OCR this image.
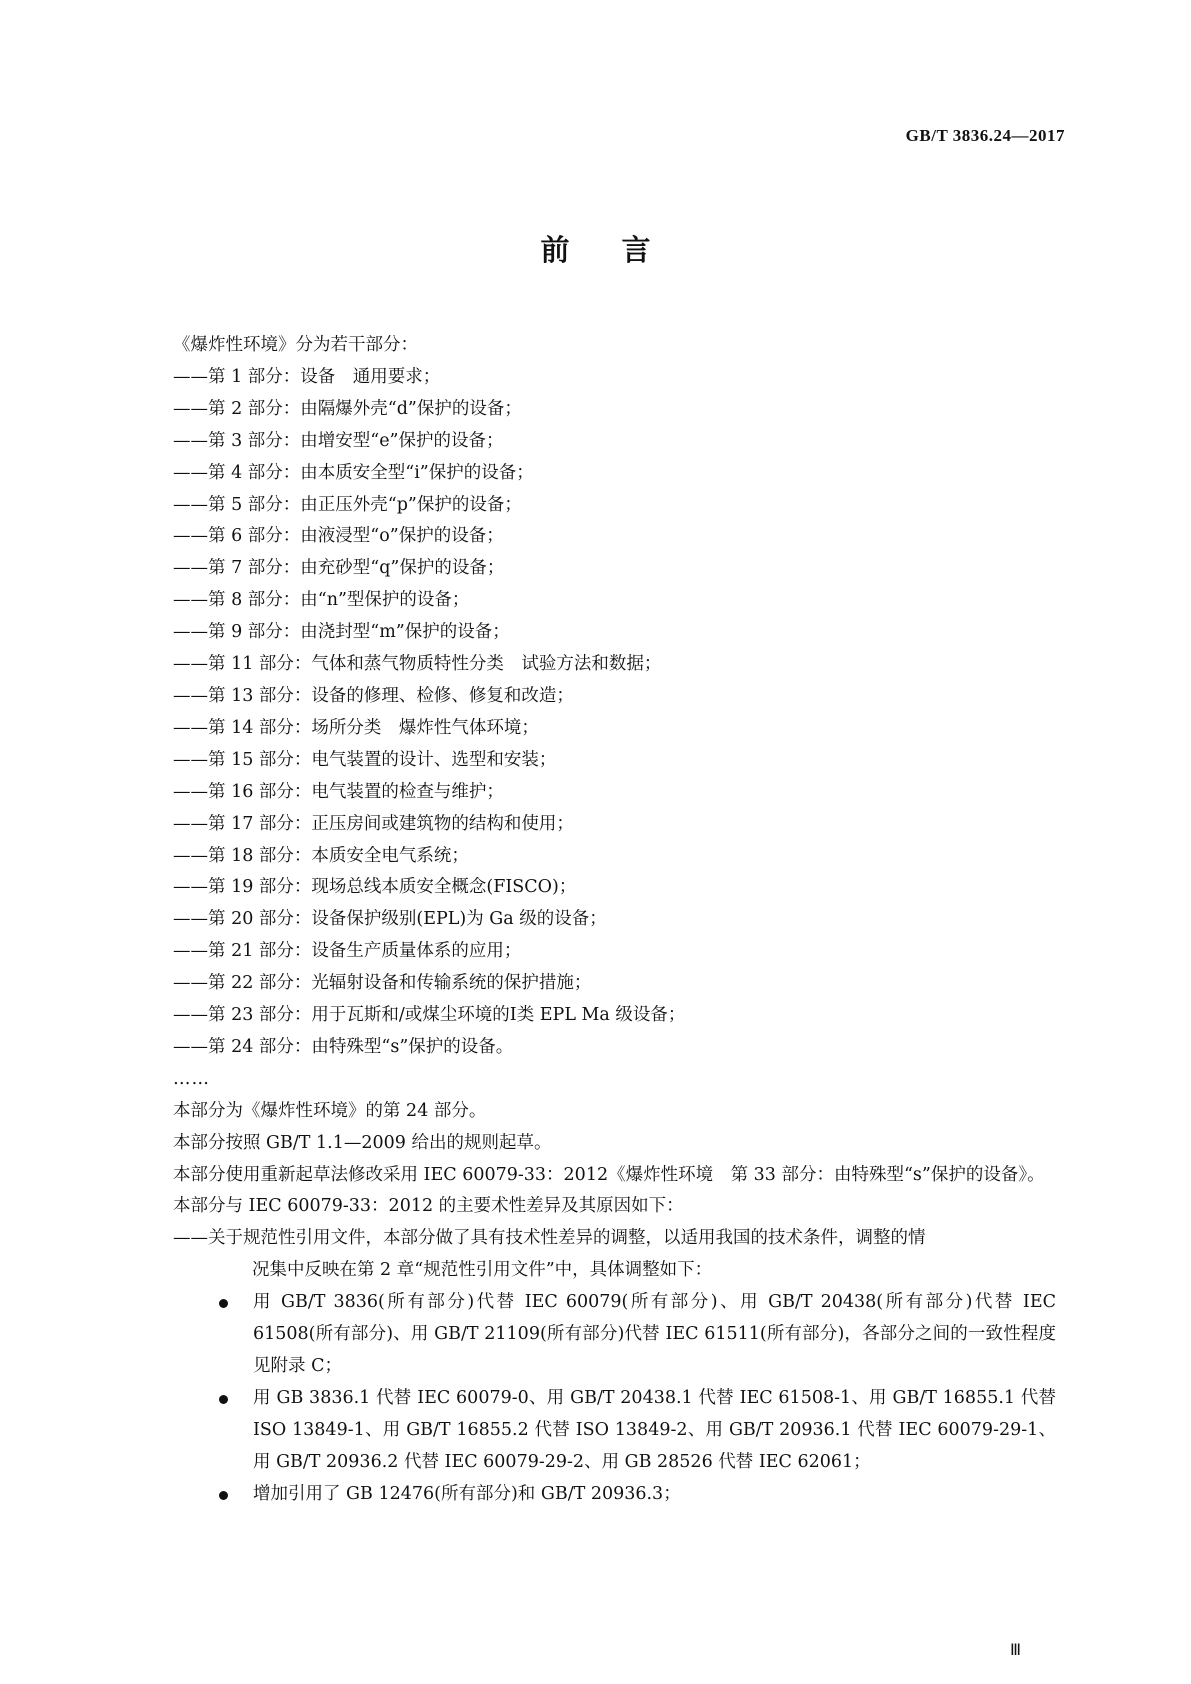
GB/T 3836.24—2017
前言
《爆炸性环境》分为若干部分：
——第 1 部分：设备　通用要求；
——第 2 部分：由隔爆外壳“d”保护的设备；
——第 3 部分：由增安型“e”保护的设备；
——第 4 部分：由本质安全型“i”保护的设备；
——第 5 部分：由正压外壳“p”保护的设备；
——第 6 部分：由液浸型“o”保护的设备；
——第 7 部分：由充砂型“q”保护的设备；
——第 8 部分：由“n”型保护的设备；
——第 9 部分：由浇封型“m”保护的设备；
——第 11 部分：气体和蒸气物质特性分类　试验方法和数据；
——第 13 部分：设备的修理、检修、修复和改造；
——第 14 部分：场所分类　爆炸性气体环境；
——第 15 部分：电气装置的设计、选型和安装；
——第 16 部分：电气装置的检查与维护；
——第 17 部分：正压房间或建筑物的结构和使用；
——第 18 部分：本质安全电气系统；
——第 19 部分：现场总线本质安全概念(FISCO)；
——第 20 部分：设备保护级别(EPL)为 Ga 级的设备；
——第 21 部分：设备生产质量体系的应用；
——第 22 部分：光辐射设备和传输系统的保护措施；
——第 23 部分：用于瓦斯和/或煤尘环境的Ⅰ类 EPL Ma 级设备；
——第 24 部分：由特殊型“s”保护的设备。
……
本部分为《爆炸性环境》的第 24 部分。
本部分按照 GB/T 1.1—2009 给出的规则起草。
本部分使用重新起草法修改采用 IEC 60079-33：2012《爆炸性环境　第 33 部分：由特殊型“s”保护的设备》。
本部分与 IEC 60079-33：2012 的主要术性差异及其原因如下：
——关于规范性引用文件，本部分做了具有技术性差异的调整，以适用我国的技术条件，调整的情
况集中反映在第 2 章“规范性引用文件”中，具体调整如下：
用 GB/T 3836(所有部分)代替 IEC 60079(所有部分)、用 GB/T 20438(所有部分)代替 IEC 61508(所有部分)、用 GB/T 21109(所有部分)代替 IEC 61511(所有部分)，各部分之间的一致性程度见附录 C；
用 GB 3836.1 代替 IEC 60079-0、用 GB/T 20438.1 代替 IEC 61508-1、用 GB/T 16855.1 代替 ISO 13849-1、用 GB/T 16855.2 代替 ISO 13849-2、用 GB/T 20936.1 代替 IEC 60079-29-1、用 GB/T 20936.2 代替 IEC 60079-29-2、用 GB 28526 代替 IEC 62061；
增加引用了 GB 12476(所有部分)和 GB/T 20936.3；
Ⅲ
